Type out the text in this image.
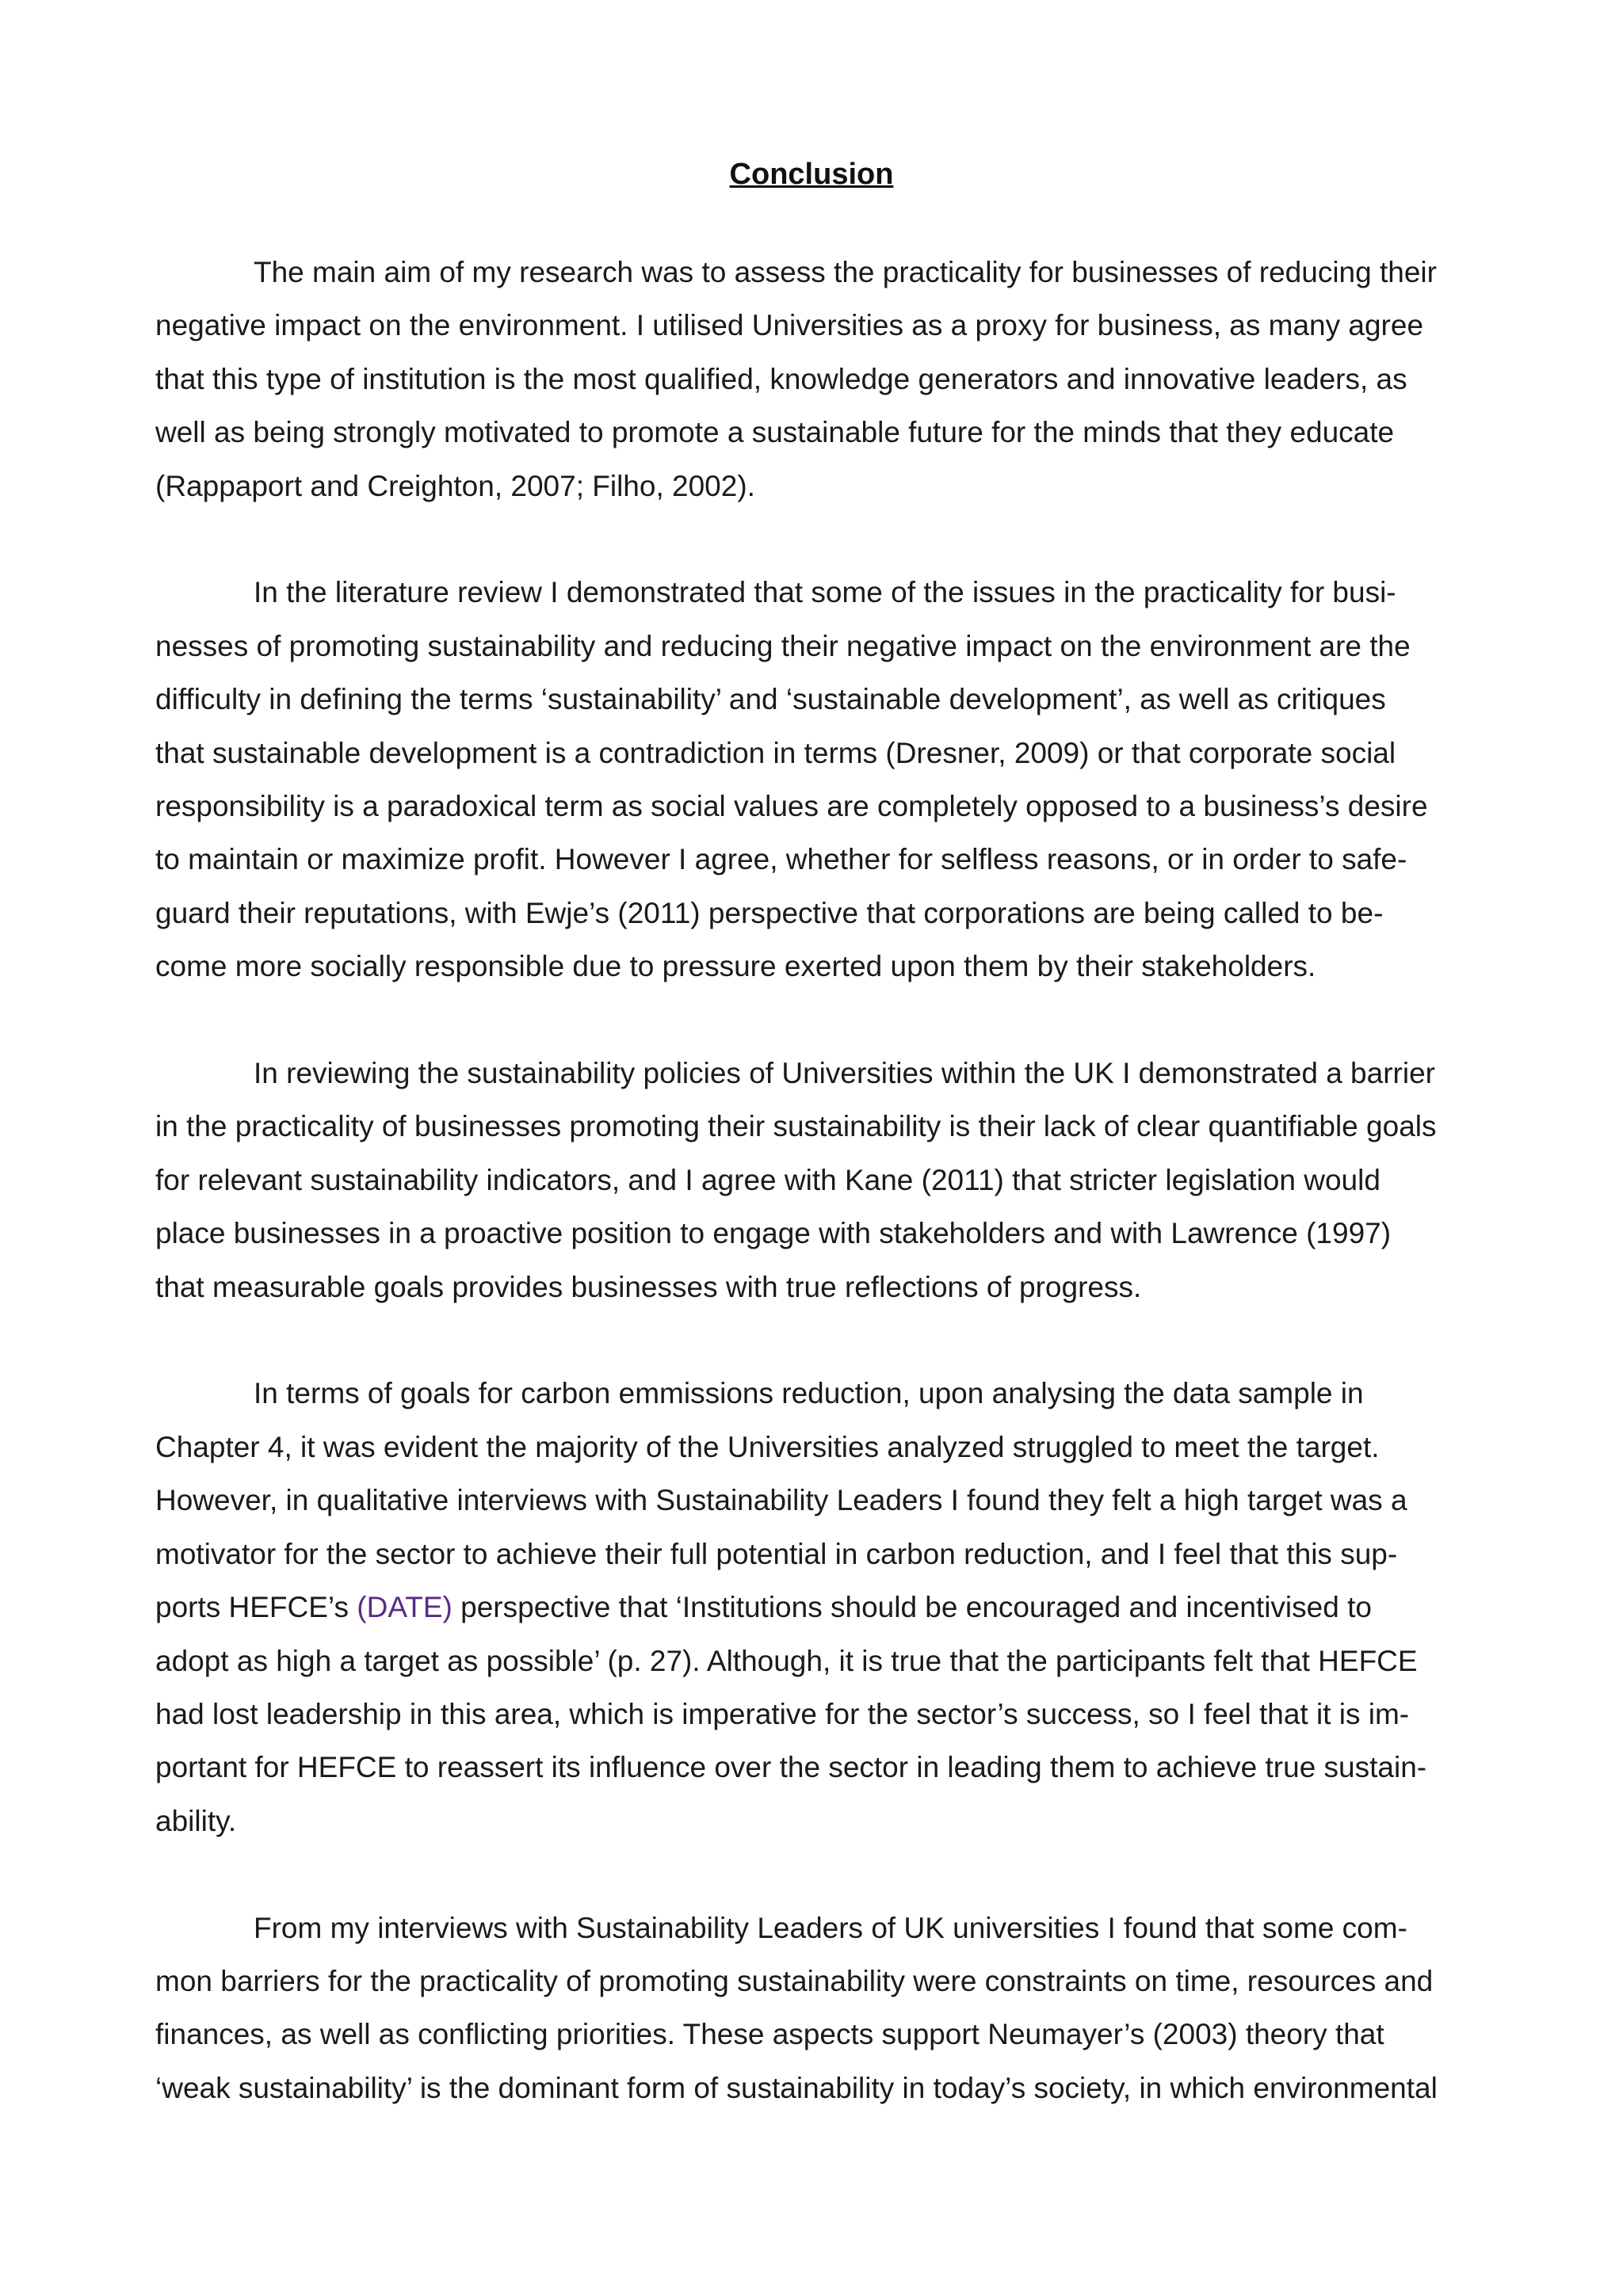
Conclusion

The main aim of my research was to assess the practicality for businesses of reducing their
negative impact on the environment. I utilised Universities as a proxy for business, as many agree
that this type of institution is the most qualified, knowledge generators and innovative leaders, as
well as being strongly motivated to promote a sustainable future for the minds that they educate
(Rappaport and Creighton, 2007; Filho, 2002).

In the literature review I demonstrated that some of the issues in the practicality for busi-
nesses of promoting sustainability and reducing their negative impact on the environment are the
difficulty in defining the terms ‘sustainability’ and ‘sustainable development’, as well as critiques
that sustainable development is a contradiction in terms (Dresner, 2009) or that corporate social
responsibility is a paradoxical term as social values are completely opposed to a business’s desire
to maintain or maximize profit. However I agree, whether for selfless reasons, or in order to safe-
guard their reputations, with Ewje’s (2011) perspective that corporations are being called to be-
come more socially responsible due to pressure exerted upon them by their stakeholders.

In reviewing the sustainability policies of Universities within the UK I demonstrated a barrier
in the practicality of businesses promoting their sustainability is their lack of clear quantifiable goals
for relevant sustainability indicators, and I agree with Kane (2011) that stricter legislation would
place businesses in a proactive position to engage with stakeholders and with Lawrence (1997)
that measurable goals provides businesses with true reflections of progress.

In terms of goals for carbon emmissions reduction, upon analysing the data sample in
Chapter 4, it was evident the majority of the Universities analyzed struggled to meet the target.
However, in qualitative interviews with Sustainability Leaders I found they felt a high target was a
motivator for the sector to achieve their full potential in carbon reduction, and I feel that this sup-
ports HEFCE’s (DATE) perspective that ‘Institutions should be encouraged and incentivised to
adopt as high a target as possible’ (p. 27). Although, it is true that the participants felt that HEFCE
had lost leadership in this area, which is imperative for the sector’s success, so I feel that it is im-
portant for HEFCE to reassert its influence over the sector in leading them to achieve true sustain-
ability.

From my interviews with Sustainability Leaders of UK universities I found that some com-
mon barriers for the practicality of promoting sustainability were constraints on time, resources and
finances, as well as conflicting priorities. These aspects support Neumayer’s (2003) theory that
‘weak sustainability’ is the dominant form of sustainability in today’s society, in which environmental
